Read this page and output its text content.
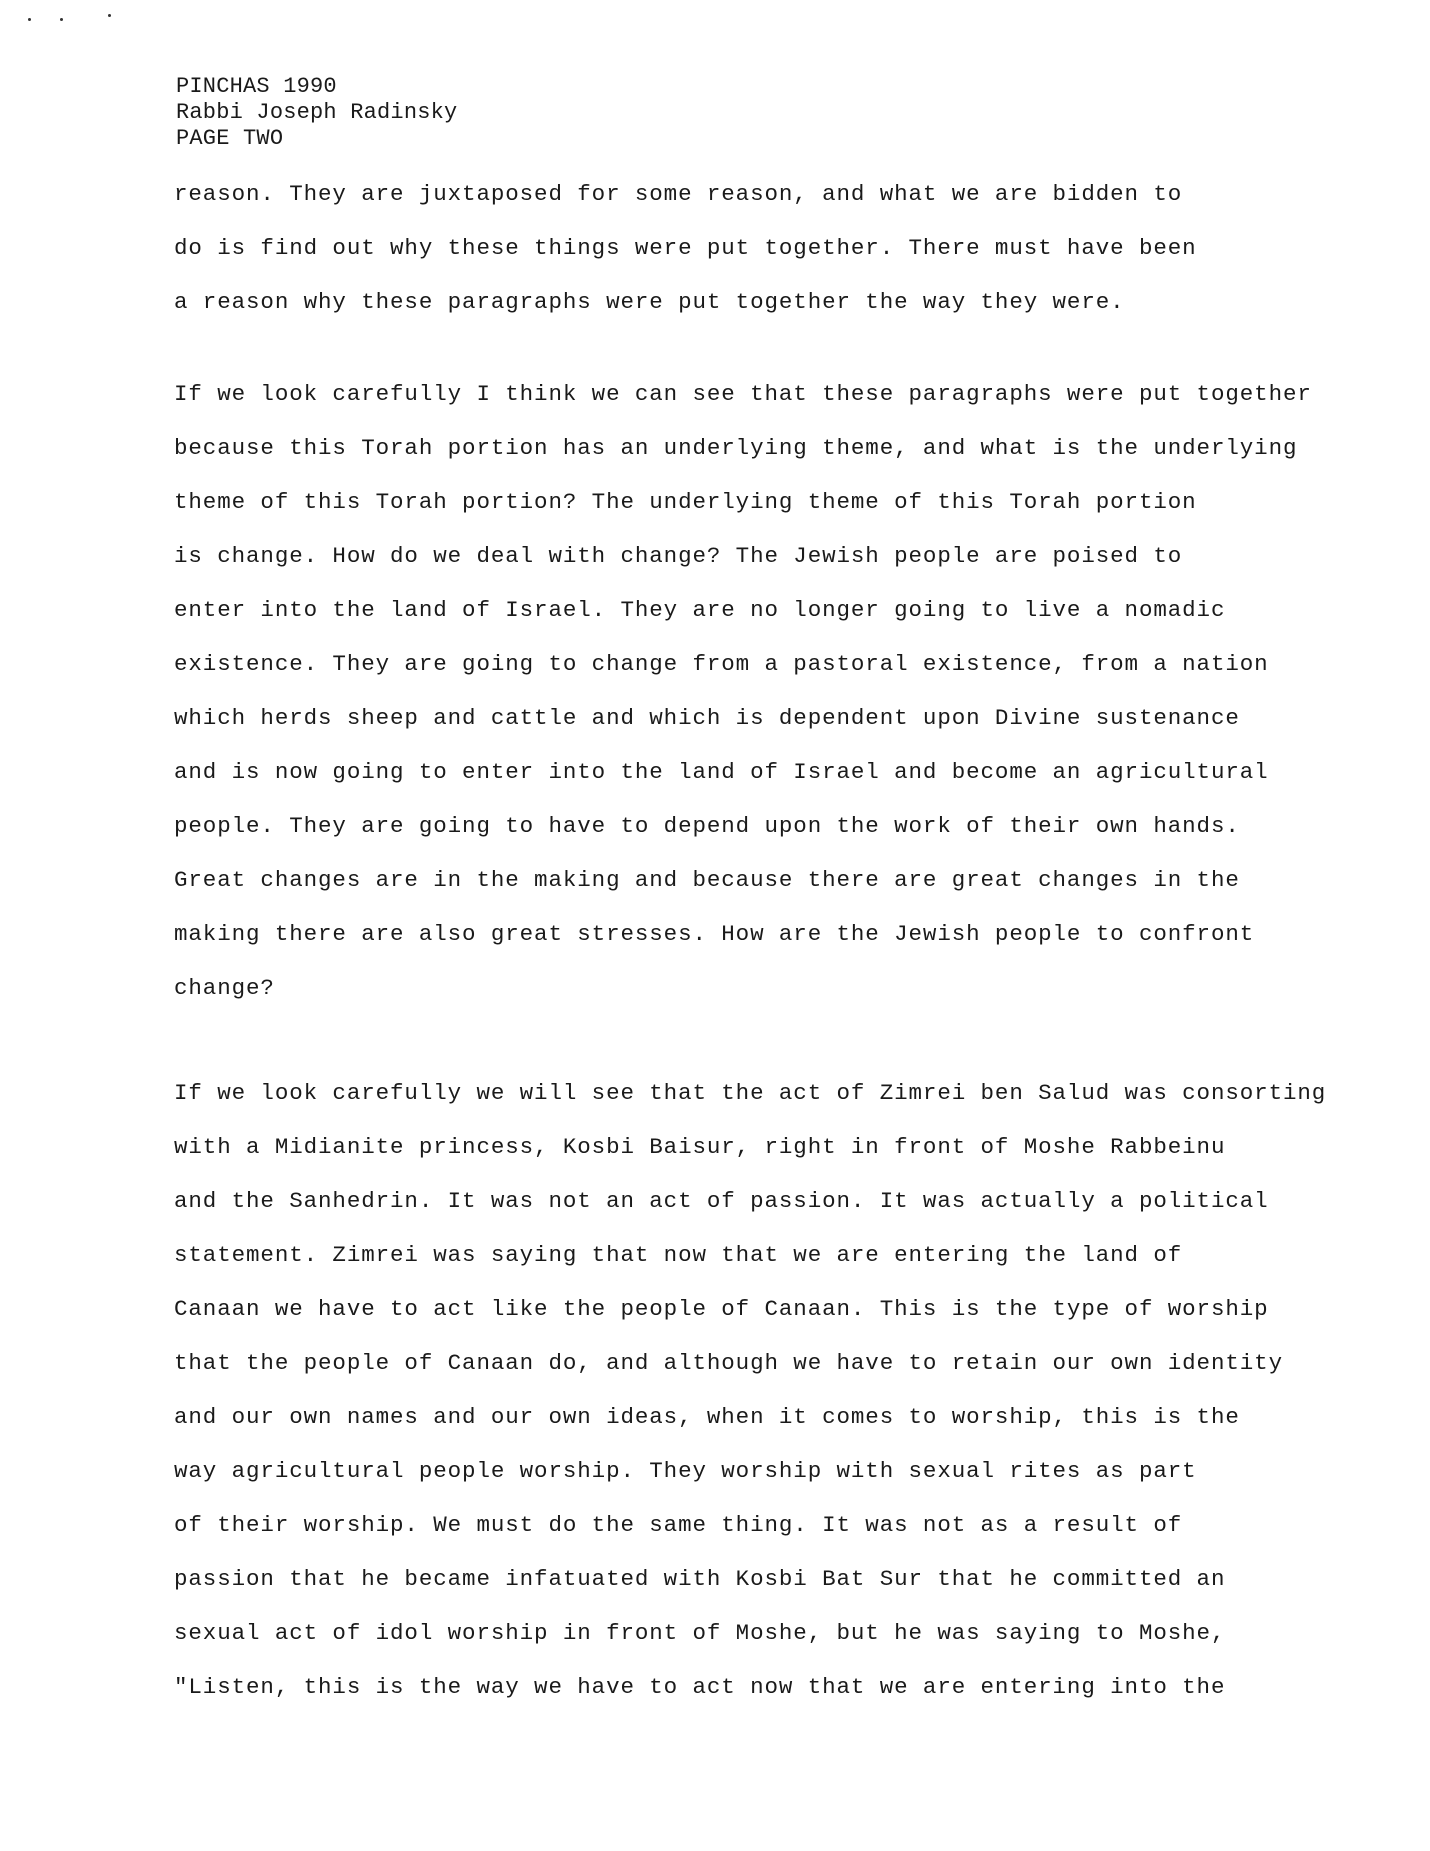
PINCHAS 1990
Rabbi Joseph Radinsky
PAGE TWO
reason. They are juxtaposed for some reason, and what we are bidden to
do is find out why these things were put together. There must have been
a reason why these paragraphs were put together the way they were.
If we look carefully I think we can see that these paragraphs were put together
because this Torah portion has an underlying theme, and what is the underlying
theme of this Torah portion? The underlying theme of this Torah portion
is change. How do we deal with change? The Jewish people are poised to
enter into the land of Israel. They are no longer going to live a nomadic
existence. They are going to change from a pastoral existence, from a nation
which herds sheep and cattle and which is dependent upon Divine sustenance
and is now going to enter into the land of Israel and become an agricultural
people. They are going to have to depend upon the work of their own hands.
Great changes are in the making and because there are great changes in the
making there are also great stresses. How are the Jewish people to confront
change?
If we look carefully we will see that the act of Zimrei ben Salud was consorting
with a Midianite princess, Kosbi Baisur, right in front of Moshe Rabbeinu
and the Sanhedrin. It was not an act of passion. It was actually a political
statement. Zimrei was saying that now that we are entering the land of
Canaan we have to act like the people of Canaan. This is the type of worship
that the people of Canaan do, and although we have to retain our own identity
and our own names and our own ideas, when it comes to worship, this is the
way agricultural people worship. They worship with sexual rites as part
of their worship. We must do the same thing. It was not as a result of
passion that he became infatuated with Kosbi Bat Sur that he committed an
sexual act of idol worship in front of Moshe, but he was saying to Moshe,
"Listen, this is the way we have to act now that we are entering into the
